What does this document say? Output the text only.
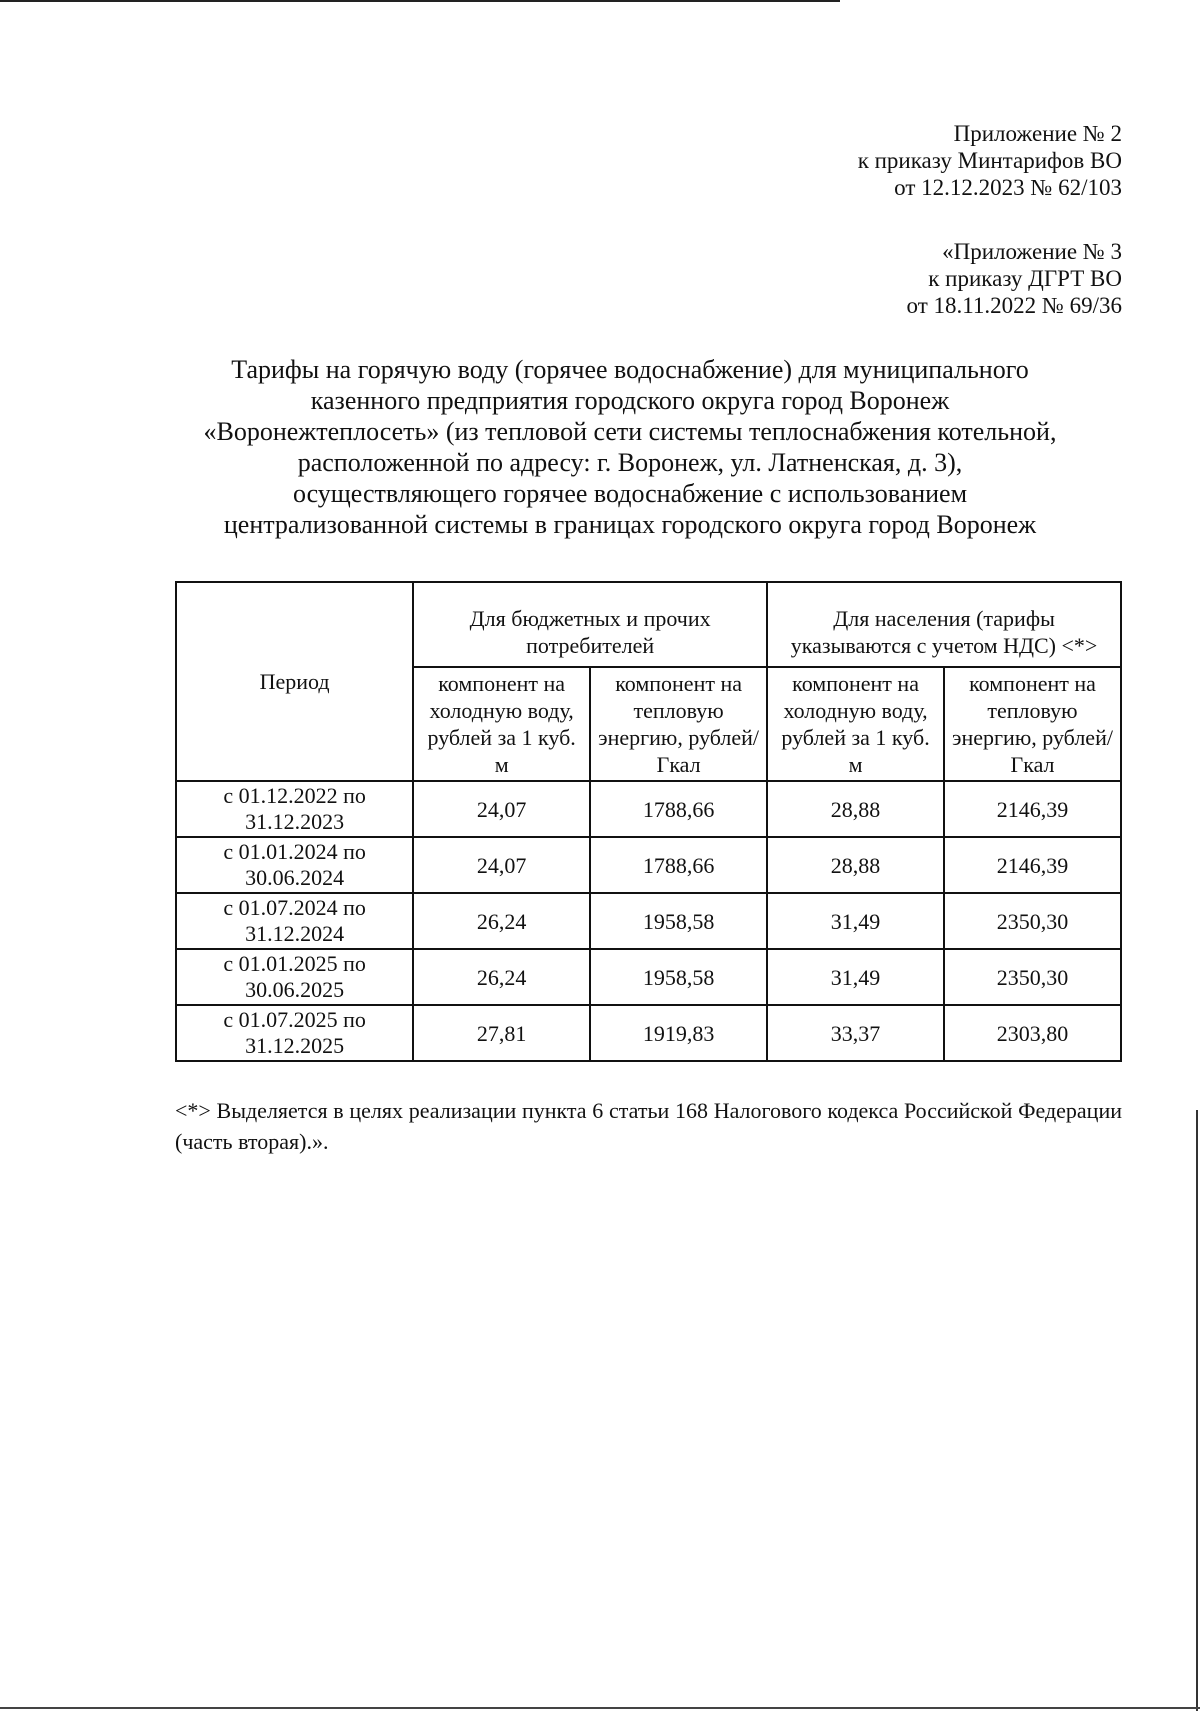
Приложение № 2
к приказу Минтарифов ВО
от 12.12.2023 № 62/103
«Приложение № 3
к приказу ДГРТ ВО
от 18.11.2022 № 69/36
Тарифы на горячую воду (горячее водоснабжение) для муниципального
казенного предприятия городского округа город Воронеж
«Воронежтеплосеть» (из тепловой сети системы теплоснабжения котельной,
расположенной по адресу: г. Воронеж, ул. Латненская, д. 3),
осуществляющего горячее водоснабжение с использованием
централизованной системы в границах городского округа город Воронеж
Период	Для бюджетных и прочих потребителей		Для населения (тарифы указываются с учетом НДС) <*>	

	компонент на холодную воду, рублей за 1 куб. м	компонент на тепловую энергию, рублей/Гкал	компонент на холодную воду, рублей за 1 куб. м	компонент на тепловую энергию, рублей/Гкал
с 01.12.2022 по 31.12.2023	24,07	1788,66	28,88	2146,39
с 01.01.2024 по 30.06.2024	24,07	1788,66	28,88	2146,39
с 01.07.2024 по 31.12.2024	26,24	1958,58	31,49	2350,30
с 01.01.2025 по 30.06.2025	26,24	1958,58	31,49	2350,30
с 01.07.2025 по 31.12.2025	27,81	1919,83	33,37	2303,80
<*> Выделяется в целях реализации пункта 6 статьи 168 Налогового кодекса Российской Федерации (часть вторая).».
